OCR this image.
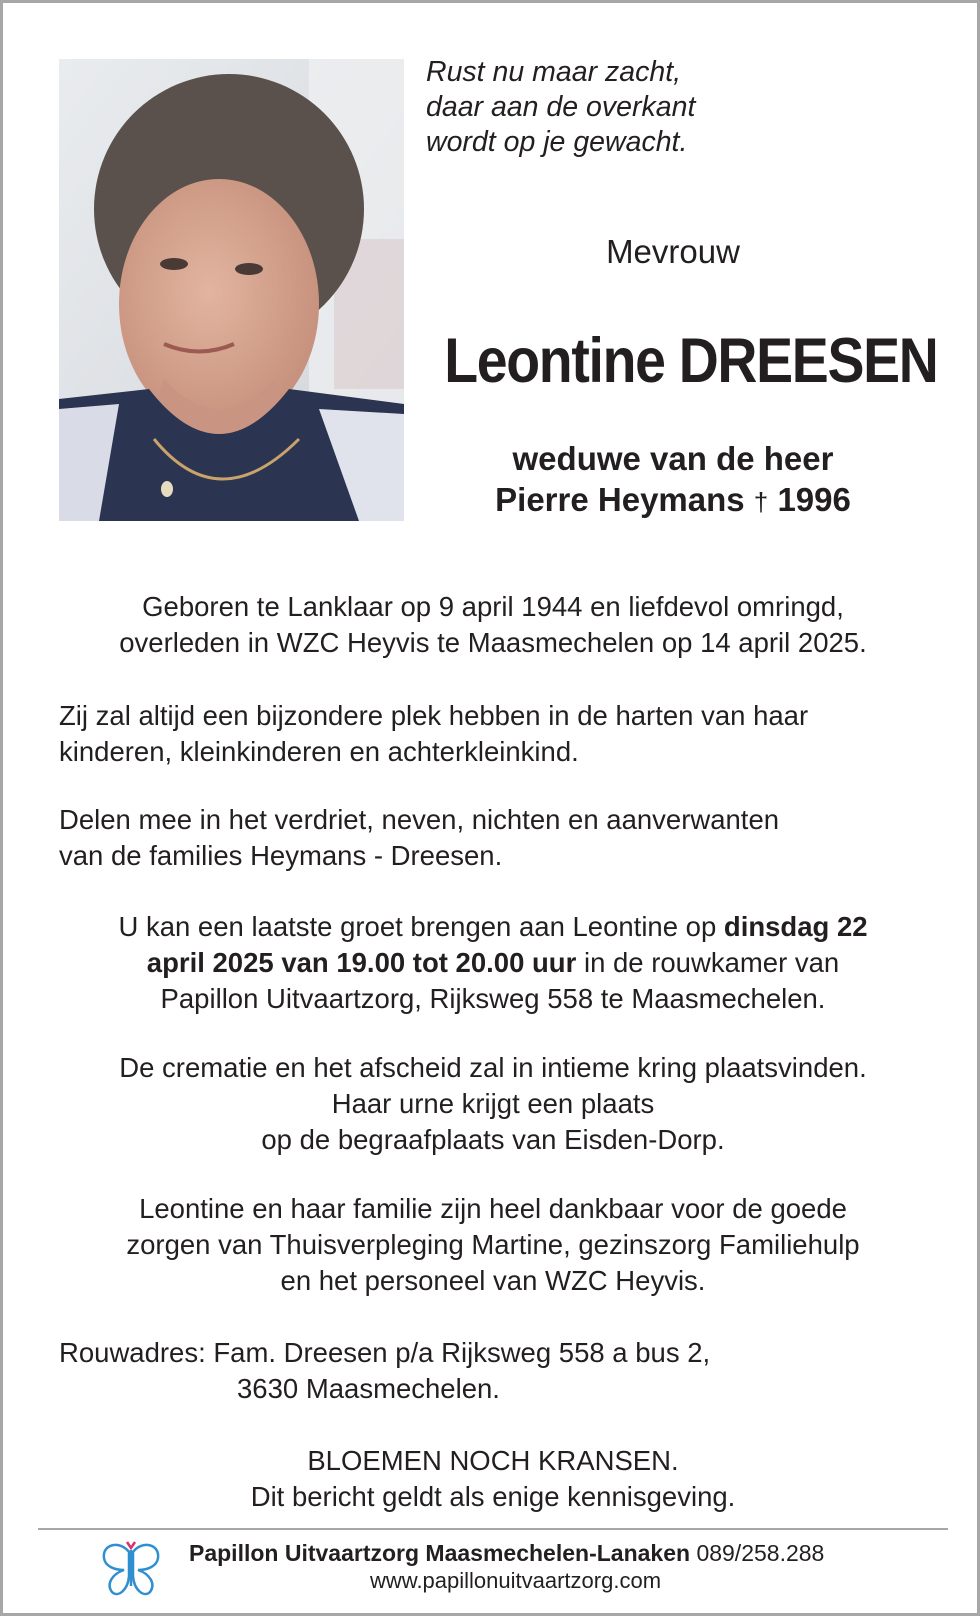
Rust nu maar zacht,
daar aan de overkant
wordt op je gewacht.
Mevrouw
Leontine DREESEN
weduwe van de heer
Pierre Heymans † 1996
Geboren te Lanklaar op 9 april 1944 en liefdevol omringd,
overleden in WZC Heyvis te Maasmechelen op 14 april 2025.
Zij zal altijd een bijzondere plek hebben in de harten van haar
kinderen, kleinkinderen en achterkleinkind.
Delen mee in het verdriet, neven, nichten en aanverwanten
van de families Heymans - Dreesen.
U kan een laatste groet brengen aan Leontine op dinsdag 22
april 2025 van 19.00 tot 20.00 uur in de rouwkamer van
Papillon Uitvaartzorg, Rijksweg 558 te Maasmechelen.
De crematie en het afscheid zal in intieme kring plaatsvinden.
Haar urne krijgt een plaats
op de begraafplaats van Eisden-Dorp.
Leontine en haar familie zijn heel dankbaar voor de goede
zorgen van Thuisverpleging Martine, gezinszorg Familiehulp
en het personeel van WZC Heyvis.
Rouwadres: Fam. Dreesen p/a Rijksweg 558 a bus 2,
3630 Maasmechelen.
BLOEMEN NOCH KRANSEN.
Dit bericht geldt als enige kennisgeving.
Papillon Uitvaartzorg Maasmechelen-Lanaken 089/258.288
www.papillonuitvaartzorg.com
